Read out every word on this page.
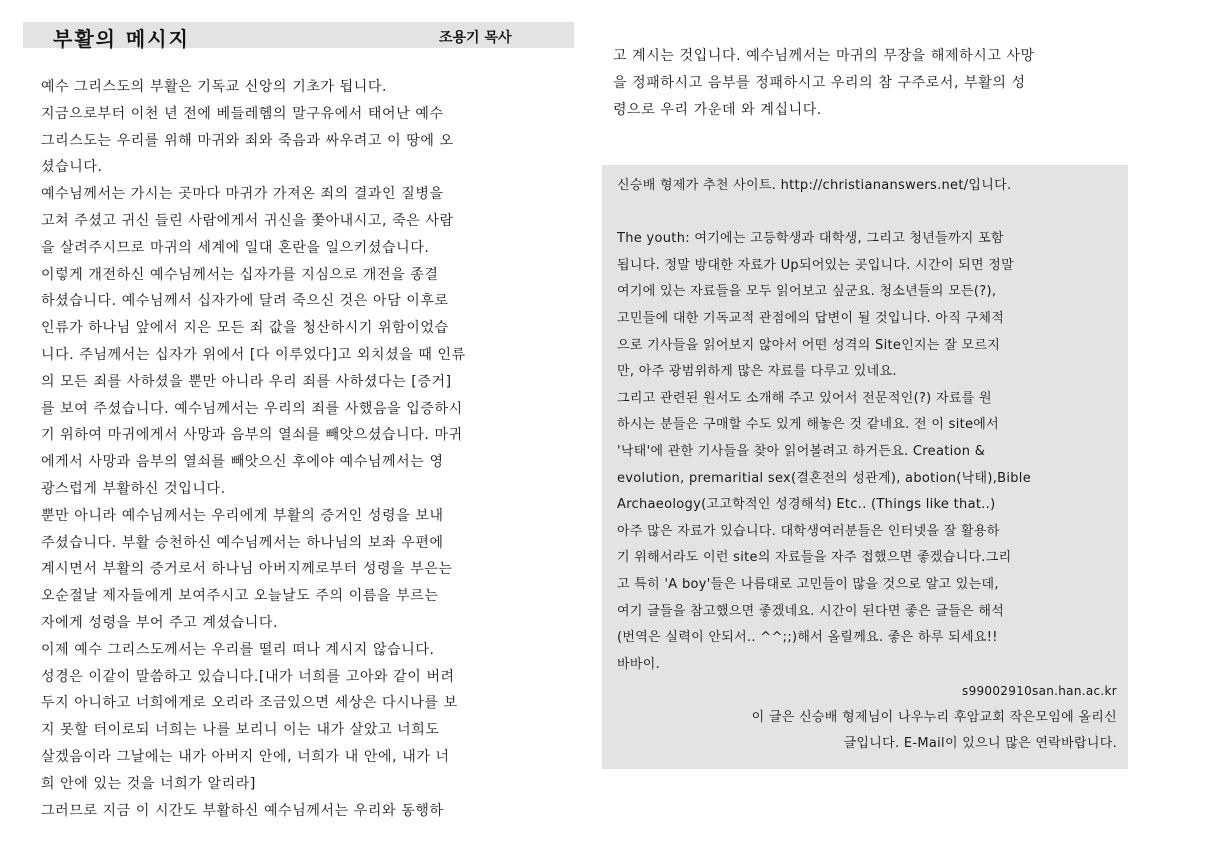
부활의 메시지	조용기 목사
예수 그리스도의 부활은 기독교 신앙의 기초가 됩니다.
지금으로부터 이천 년 전에 베들레헴의 말구유에서 태어난 예수
그리스도는 우리를 위해 마귀와 죄와 죽음과 싸우려고 이 땅에 오
셨습니다.
예수님께서는 가시는 곳마다 마귀가 가져온 죄의 결과인 질병을
고쳐 주셨고 귀신 들린 사람에게서 귀신을 쫓아내시고, 죽은 사람
을 살려주시므로 마귀의 세계에 일대 혼란을 일으키셨습니다.
이렇게 개전하신 예수님께서는 십자가를 지심으로 개전을 종결
하셨습니다. 예수님께서 십자가에 달려 죽으신 것은 아담 이후로
인류가 하나님 앞에서 지은 모든 죄 값을 청산하시기 위함이었습
니다. 주님께서는 십자가 위에서 [다 이루었다]고 외치셨을 때 인류
의 모든 죄를 사하셨을 뿐만 아니라 우리 죄를 사하셨다는 [증거]
를 보여 주셨습니다. 예수님께서는 우리의 죄를 사했음을 입증하시
기 위하여 마귀에게서 사망과 음부의 열쇠를 빼앗으셨습니다. 마귀
에게서 사망과 음부의 열쇠를 빼앗으신 후에야 예수님께서는 영
광스럽게 부활하신 것입니다.
뿐만 아니라 예수님께서는 우리에게 부활의 증거인 성령을 보내
주셨습니다. 부활 승천하신 예수님께서는 하나님의 보좌 우편에
계시면서 부활의 증거로서 하나님 아버지께로부터 성령을 부은는
오순절날 제자들에게 보여주시고 오늘날도 주의 이름을 부르는
자에게 성령을 부어 주고 계셨습니다.
이제 예수 그리스도께서는 우리를 떨리 떠나 계시지 않습니다.
성경은 이같이 말씀하고 있습니다.[내가 너희를 고아와 같이 버려
두지 아니하고 너희에게로 오리라 조금있으면 세상은 다시나를 보
지 못할 터이로되 너희는 나를 보리니 이는 내가 살았고 너희도
살겠음이라 그날에는 내가 아버지 안에, 너희가 내 안에, 내가 너
희 안에 있는 것을 너희가 알리라]
그러므로 지금 이 시간도 부활하신 예수님께서는 우리와 동행하
고 계시는 것입니다. 예수님께서는 마귀의 무장을 해제하시고 사망
을 정패하시고 음부를 정패하시고 우리의 참 구주로서, 부활의 성
령으로 우리 가운데 와 계십니다.
신승배 형제가 추천 사이트. http://christiananswers.net/입니다.
The youth: 여기에는 고등학생과 대학생, 그리고 청년들까지 포함
됩니다. 정말 방대한 자료가 Up되어있는 곳입니다. 시간이 되면 정말
여기에 있는 자료들을 모두 읽어보고 싶군요. 청소년들의 모든(?),
고민들에 대한 기독교적 관점에의 답변이 될 것입니다. 아직 구체적
으로 기사들을 읽어보지 않아서 어떤 성격의 Site인지는 잘 모르지
만, 아주 광범위하게 많은 자료를 다루고 있네요.
그리고 관련된 원서도 소개해 주고 있어서 전문적인(?) 자료를 원
하시는 분들은 구매할 수도 있게 해놓은 것 같네요. 전 이 site에서
'낙태'에 관한 기사들을 찾아 읽어볼려고 하거든요. Creation &
evolution, premaritial sex(결혼전의 성관계), abotion(낙태),Bible
Archaeology(고고학적인 성경해석) Etc.. (Things like that..)
아주 많은 자료가 있습니다. 대학생여러분들은 인터넷을 잘 활용하
기 위해서라도 이런 site의 자료들을 자주 접했으면 좋겠습니다.그리
고 특히 'A boy'들은 나름대로 고민들이 많을 것으로 알고 있는데,
여기 글들을 참고했으면 좋겠네요. 시간이 된다면 좋은 글들은 해석
(번역은 실력이 안되서.. ^^;;)해서 올릴께요. 좋은 하루 되세요!!
바바이.
s99002910san.han.ac.kr
이 글은 신승배 형제님이 나우누리 후암교회 작은모임에 올리신
글입니다. E-Mail이 있으니 많은 연락바랍니다.
